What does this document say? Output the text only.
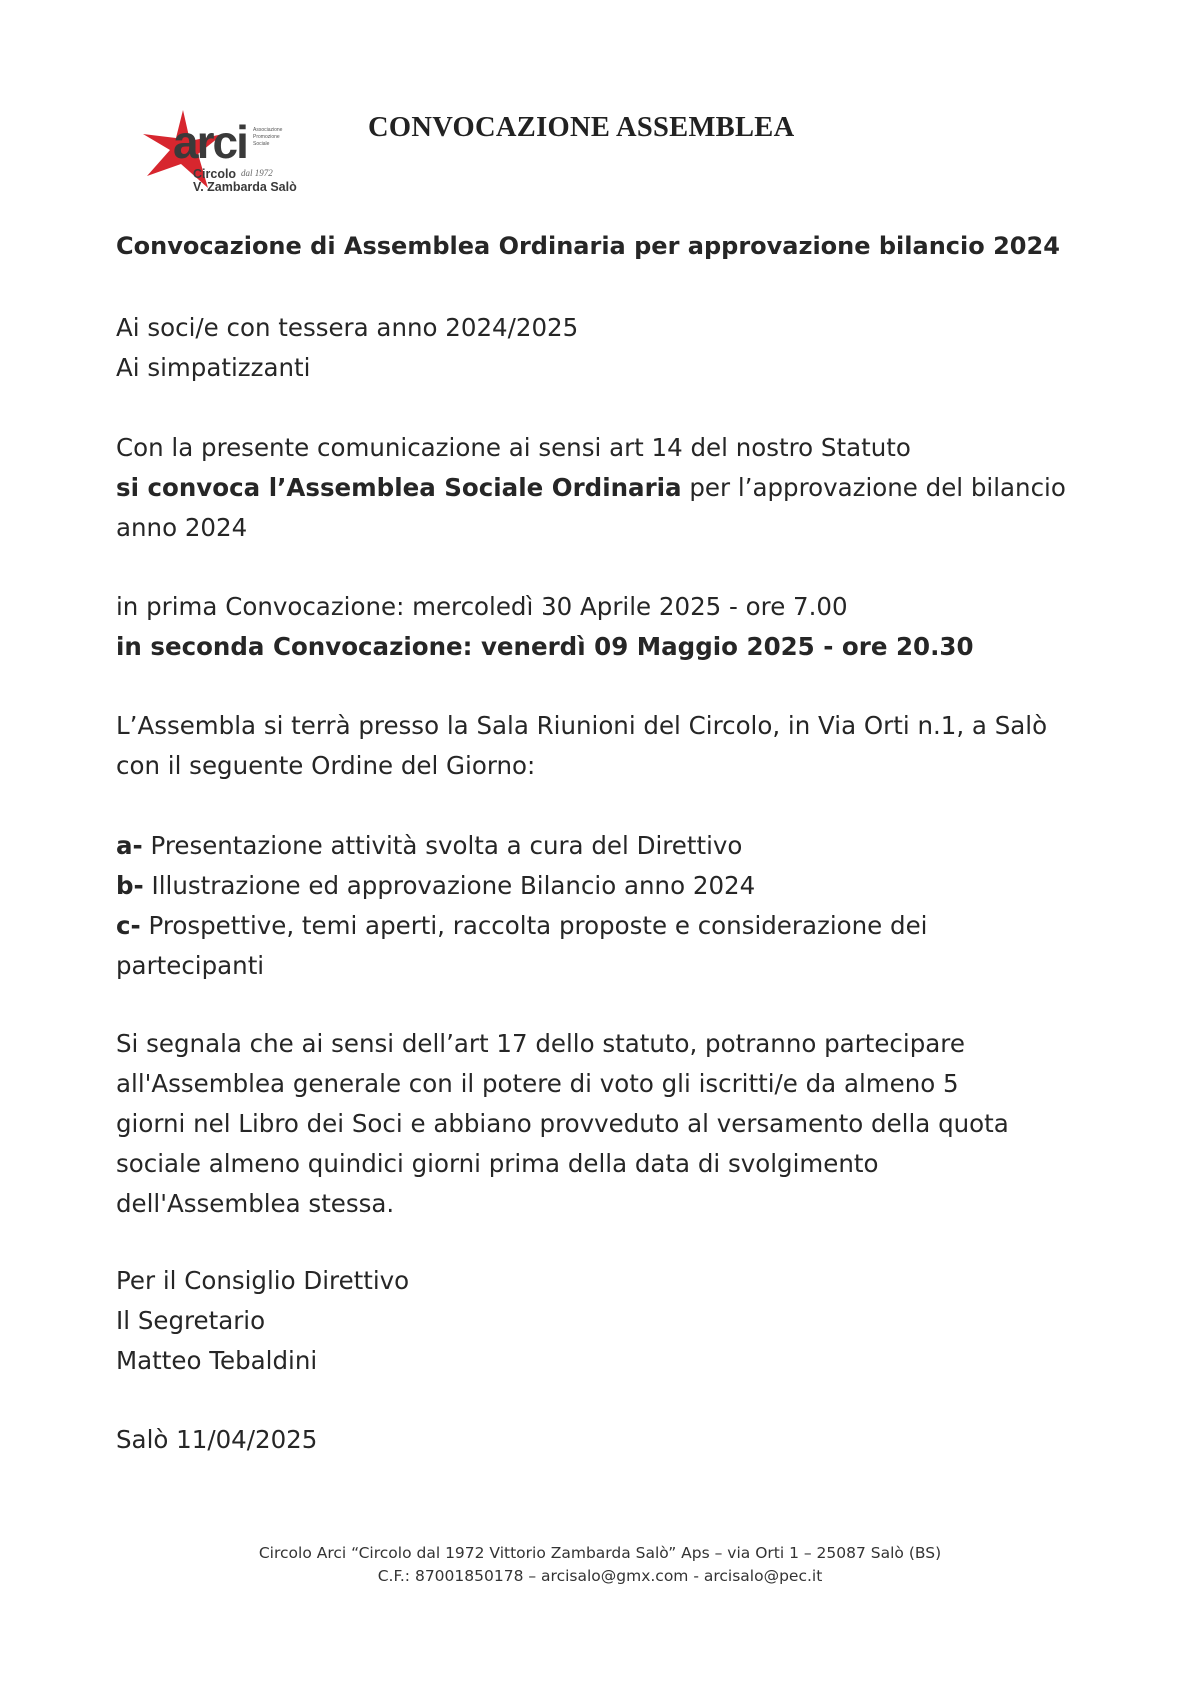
arci Associazione
Promozione
Sociale
Circolo dal 1972
V. Zambarda Salò
CONVOCAZIONE ASSEMBLEA
Convocazione di Assemblea Ordinaria per approvazione bilancio 2024
Ai soci/e con tessera anno 2024/2025
Ai simpatizzanti
Con la presente comunicazione ai sensi art 14 del nostro Statuto
si convoca l’Assemblea Sociale Ordinaria per l’approvazione del bilancio
anno 2024
in prima Convocazione: mercoledì 30 Aprile 2025 - ore 7.00
in seconda Convocazione: venerdì 09 Maggio 2025 - ore 20.30
L’Assembla si terrà presso la Sala Riunioni del Circolo, in Via Orti n.1, a Salò
con il seguente Ordine del Giorno:
a- Presentazione attività svolta a cura del Direttivo
b- Illustrazione ed approvazione Bilancio anno 2024
c- Prospettive, temi aperti, raccolta proposte e considerazione dei
partecipanti
Si segnala che ai sensi dell’art 17 dello statuto, potranno partecipare
all'Assemblea generale con il potere di voto gli iscritti/e da almeno 5
giorni nel Libro dei Soci e abbiano provveduto al versamento della quota
sociale almeno quindici giorni prima della data di svolgimento
dell'Assemblea stessa.
Per il Consiglio Direttivo
Il Segretario
Matteo Tebaldini
Salò 11/04/2025
Circolo Arci “Circolo dal 1972 Vittorio Zambarda Salò” Aps – via Orti 1 – 25087 Salò (BS)
C.F.: 87001850178 – arcisalo@gmx.com - arcisalo@pec.it
